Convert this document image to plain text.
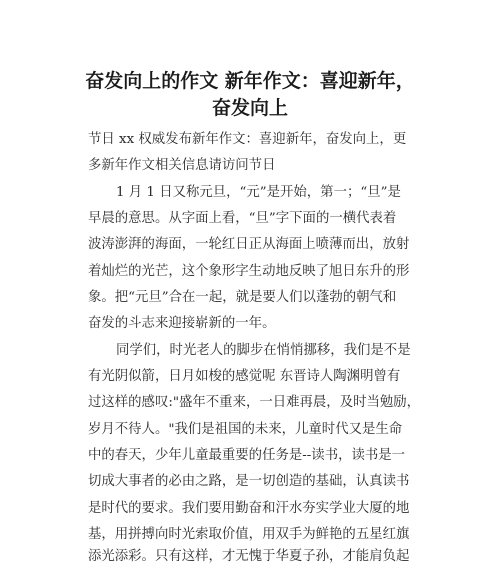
奋发向上的作文 新年作文：喜迎新年，
奋发向上

节日 xx 权威发布新年作文：喜迎新年，奋发向上，更

多新年作文相关信息请访问节日

1 月 1 日又称元旦，“元”是开始，第一；“旦”是

早晨的意思。从字面上看，“旦”字下面的一横代表着

波涛澎湃的海面，一轮红日正从海面上喷薄而出，放射

着灿烂的光芒，这个象形字生动地反映了旭日东升的形

象。把“元旦”合在一起，就是要人们以蓬勃的朝气和

奋发的斗志来迎接崭新的一年。

同学们，时光老人的脚步在悄悄挪移，我们是不是

有光阴似箭，日月如梭的感觉呢 东晋诗人陶渊明曾有

过这样的感叹:"盛年不重来，一日难再晨，及时当勉励，

岁月不待人。"我们是祖国的未来，儿童时代又是生命

中的春天，少年儿童最重要的任务是--读书，读书是一

切成大事者的必由之路，是一切创造的基础，认真读书

是时代的要求。我们要用勤奋和汗水夯实学业大厦的地

基，用拼搏向时光索取价值，用双手为鲜艳的五星红旗

添光添彩。只有这样，才无愧于华夏子孙，才能肩负起
